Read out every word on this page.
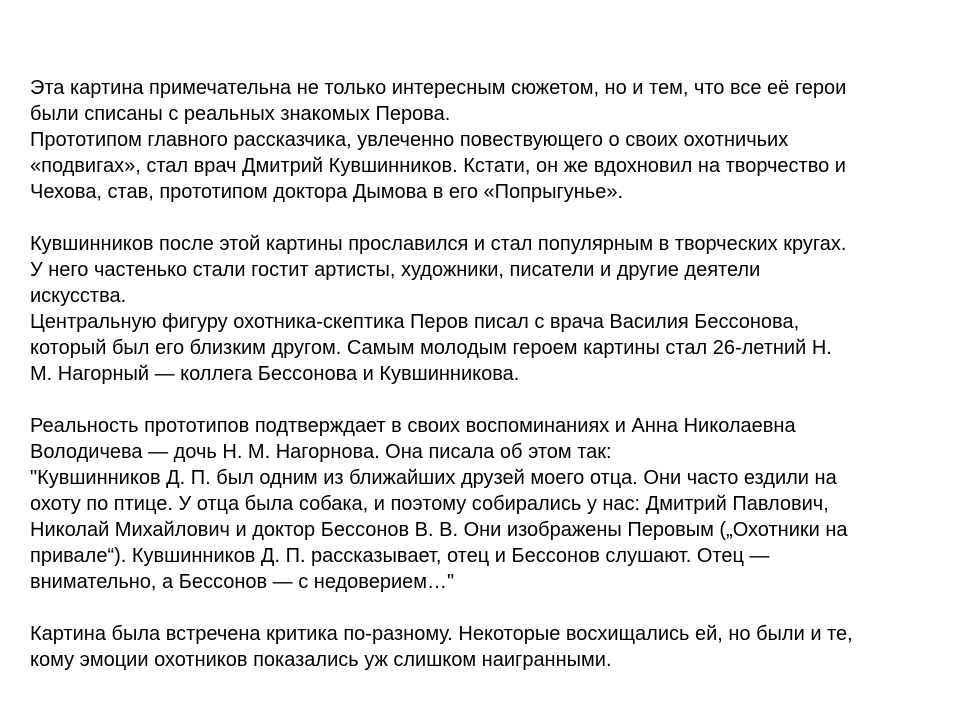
Эта картина примечательна не только интересным сюжетом, но и тем, что все её герои
были списаны с реальных знакомых Перова.
Прототипом главного рассказчика, увлеченно повествующего о своих охотничьих
«подвигах», стал врач Дмитрий Кувшинников. Кстати, он же вдохновил на творчество и
Чехова, став, прототипом доктора Дымова в его «Попрыгунье».
Кувшинников после этой картины прославился и стал популярным в творческих кругах.
У него частенько стали гостит артисты, художники, писатели и другие деятели
искусства.
Центральную фигуру охотника-скептика Перов писал с врача Василия Бессонова,
который был его близким другом. Самым молодым героем картины стал 26-летний Н.
М. Нагорный — коллега Бессонова и Кувшинникова.
Реальность прототипов подтверждает в своих воспоминаниях и Анна Николаевна
Володичева — дочь Н. М. Нагорнова. Она писала об этом так:
"Кувшинников Д. П. был одним из ближайших друзей моего отца. Они часто ездили на
охоту по птице. У отца была собака, и поэтому собирались у нас: Дмитрий Павлович,
Николай Михайлович и доктор Бессонов В. В. Они изображены Перовым („Охотники на
привале“). Кувшинников Д. П. рассказывает, отец и Бессонов слушают. Отец —
внимательно, а Бессонов — с недоверием…"
Картина была встречена критика по-разному. Некоторые восхищались ей, но были и те,
кому эмоции охотников показались уж слишком наигранными.
